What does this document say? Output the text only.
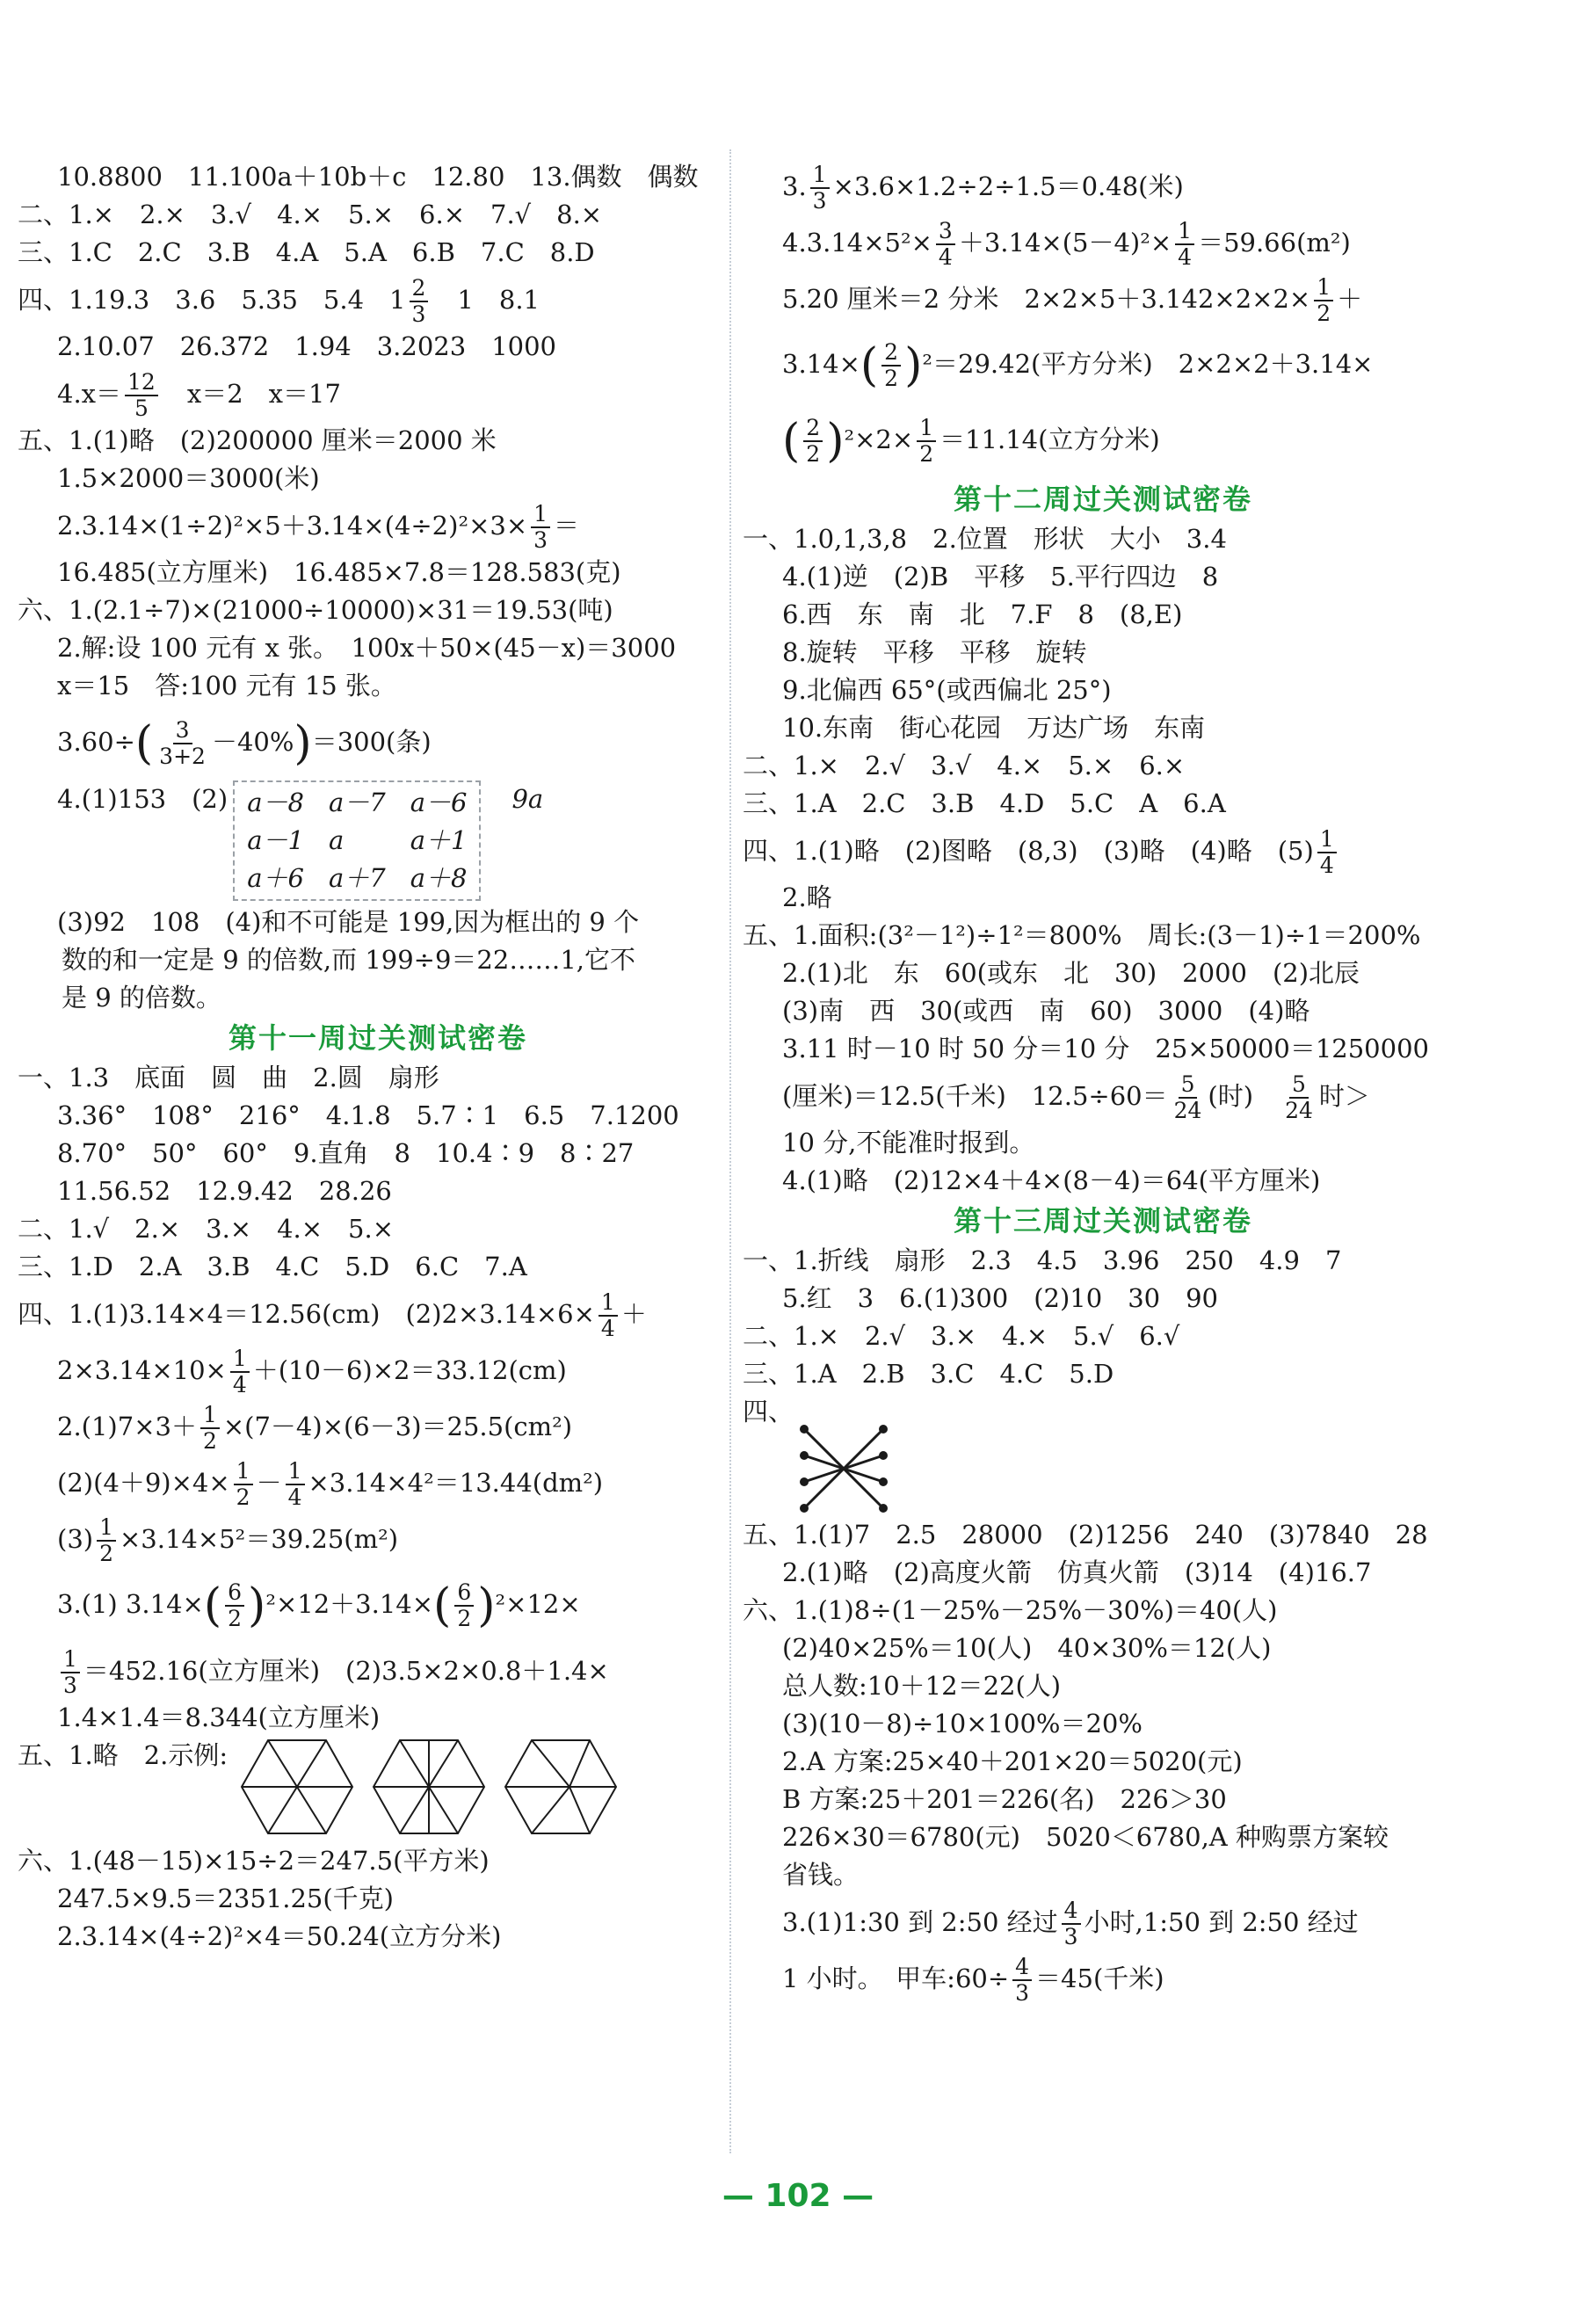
10.8800　11.100a＋10b＋c　12.80　13.偶数　偶数
二、1.×　2.×　3.√　4.×　5.×　6.×　7.√　8.×
三、1.C　2.C　3.B　4.A　5.A　6.B　7.C　8.D
四、1.19.3　3.6　5.35　5.4　$1 \frac{2}{3}$
　 1　8.1
2.10.07　26.372　1.94　3.2023　1000
$4.x= \frac{12}{5}$
　 x＝2　x＝17
五、1.(1)略　(2)200000 厘米＝2000 米
1.5×2000＝3000(米)
$2.3.14\times(1\div 2)^2\times 5+3.14\times(4\div 2)^2\times 3\times \frac{1}{3}$ ＝
16.485(立方厘米)　16.485×7.8＝128.583(克)
六、1.(2.1÷7)×(21000÷10000)×31＝19.53(吨)
2.解:设 100 元有 x 张。　100x＋50×(45－x)＝3000
x＝15　答:100 元有 15 张。
$3.60\div( \frac{3}{3+2} -40\%)=300$(条)
4.(1)153　(2) a－8 a－7 a－6
a－1 a	a＋1
a＋6 a＋7 a＋8
　9a
(3)92　108　(4)和不可能是 199,因为框出的 9 个
数的和一定是 9 的倍数,而 199÷9＝22……1,它不
是 9 的倍数。
第十一周过关测试密卷
一、1.3　底面　圆　曲　2.圆　扇形
3.36°　108°　216°　4.1.8　5.7∶1　6.5　7.1200
8.70°　50°　60°　9.直角　8　10.4∶9　8∶27
11.56.52　12.9.42　28.26
二、1.√　2.×　3.×　4.×　5.×
三、1.D　2.A　3.B　4.C　5.D　6.C　7.A
四、1.(1)3.14×4＝12.56(cm)　$(2)2\times 3.14\times 6\times \frac{1}{4}$ ＋
$2\times 3.14\times 10\times \frac{1}{4} +(10-6)\times 2=33.12(cm)$
$2.(1)7\times 3+ \frac{1}{2} \times(7-4)\times(6-3)=25.5(cm^2)$
$(2)(4+9)\times 4\times \frac{1}{2} - \frac{1}{4} \times 3.14\times 4^2=13.44(dm^2)$
$(3) \frac{1}{2} \times 3.14\times 5^2=39.25(m^2)$
3.(1) $3.14\times( \frac{6}{2} )^2\times 12+3.14\times( \frac{6}{2} )^2\times 12\times$
$\frac{1}{3} =452.16$(立方厘米)　(2)3.5×2×0.8＋1.4×
1.4×1.4＝8.344(立方厘米)
五、1.略　2.示例:
六、1.(48－15)×15÷2＝247.5(平方米)
247.5×9.5＝2351.25(千克)
2.3.14×(4÷2)²×4＝50.24(立方分米)
3. $\frac{1}{3} \times 3.6\times 1.2\div 2\div 1.5=0.48$(米)
$4.3.14\times 5^2\times \frac{3}{4} +3.14\times(5-4)^2\times \frac{1}{4} =59.66(m^2)$
5.20 厘米＝2 分米　$2\times 2\times 5+3.142\times 2\times 2\times \frac{1}{2}$ ＋
$3.14\times( \frac{2}{2} )^2=29.42$(平方分米)　2×2×2＋3.14×
( $\frac{2}{2} )^2\times 2\times \frac{1}{2} =11.14$(立方分米)
第十二周过关测试密卷
一、1.0,1,3,8　2.位置　形状　大小　3.4
4.(1)逆　(2)B　平移　5.平行四边　8
6.西　东　南　北　7.F　8　(8,E)
8.旋转　平移　平移　旋转
9.北偏西 65°(或西偏北 25°)
10.东南　街心花园　万达广场　东南
二、1.×　2.√　3.√　4.×　5.×　6.×
三、1.A　2.C　3.B　4.D　5.C　A　6.A
四、1.(1)略　(2)图略　(8,3)　(3)略　(4)略　$(5) \frac{1}{4}$
2.略
五、1.面积:(3²－1²)÷1²＝800%　周长:(3－1)÷1＝200%
2.(1)北　东　60(或东　北　30)　2000　(2)北辰
(3)南　西　30(或西　南　60)　3000　(4)略
3.11 时－10 时 50 分＝10 分　25×50000＝1250000
(厘米)＝12.5(千米)　$12.5\div 60= \frac{5}{24}$ (时)　 $\frac{5}{24}$ 时＞
10 分,不能准时报到。
4.(1)略　(2)12×4＋4×(8－4)＝64(平方厘米)
第十三周过关测试密卷
一、1.折线　扇形　2.3　4.5　3.96　250　4.9　7
5.红　3　6.(1)300　(2)10　30　90
二、1.×　2.√　3.×　4.×　5.√　6.√
三、1.A　2.B　3.C　4.C　5.D
四、
五、1.(1)7　2.5　28000　(2)1256　240　(3)7840　28
2.(1)略　(2)高度火箭　仿真火箭　(3)14　(4)16.7
六、1.(1)8÷(1－25%－25%－30%)＝40(人)
(2)40×25%＝10(人)　40×30%＝12(人)
总人数:10＋12＝22(人)
(3)(10－8)÷10×100%＝20%
2.A 方案:25×40＋201×20＝5020(元)
B 方案:25＋201＝226(名)　226＞30
226×30＝6780(元)　5020＜6780,A 种购票方案较
省钱。
3.(1)1:30 到 2:50 经过 $\frac{4}{3}$ 小时,1:50 到 2:50 经过
1 小时。　甲车:60÷ $\frac{4}{3} =45$(千米)
— 102 —
